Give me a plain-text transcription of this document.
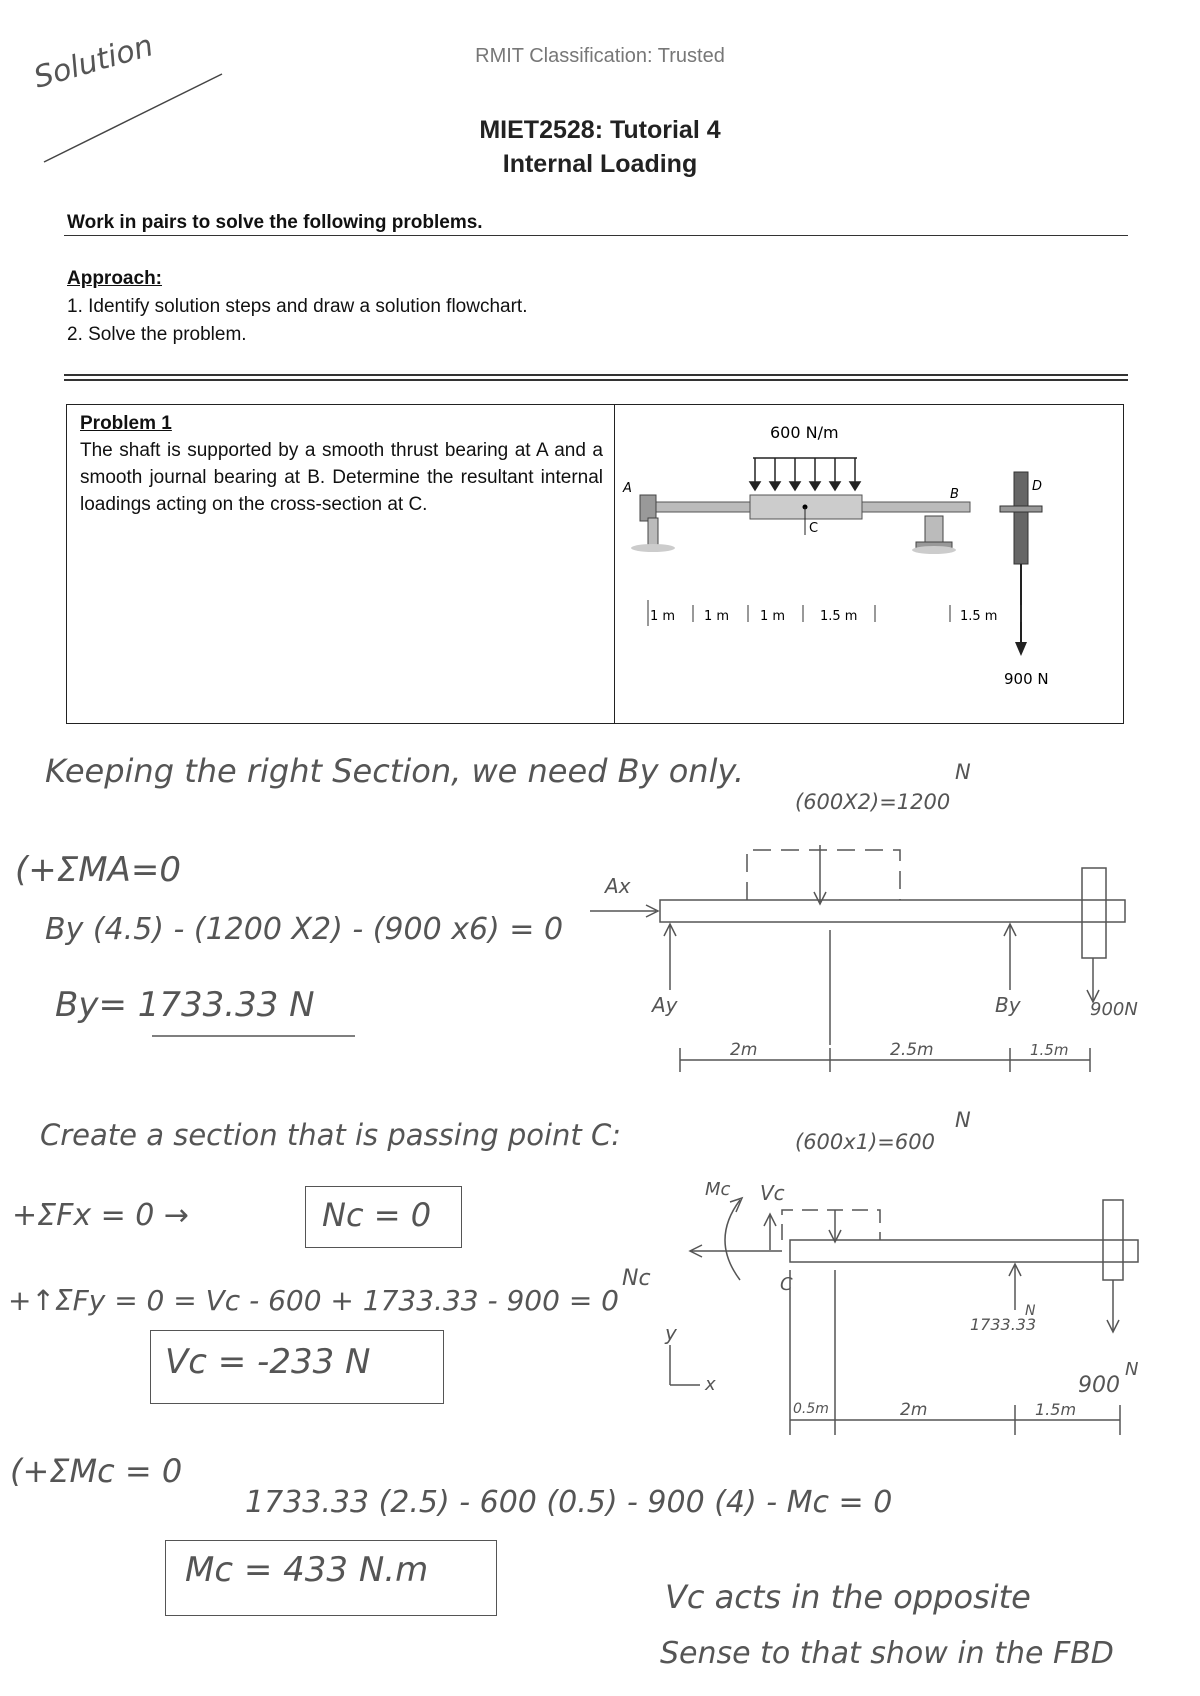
Solution	RMIT Classification: Trusted
MIET2528: Tutorial 4
Internal Loading
Work in pairs to solve the following problems.
Approach:
1. Identify solution steps and draw a solution flowchart.
2. Solve the problem.
Problem 1
The shaft is supported by a smooth thrust bearing at A and a smooth journal bearing at B. Determine the resultant internal loadings acting on the cross-section at C.
600 N/m
C
A	B
D
900 N
1 m 1 m 1 m	1.5 m	1.5 m
Keeping the right Section, we need By only.
(600X2)=1200
N
(+ΣMA=0
By (4.5) - (1200 X2) - (900 x6) = 0
By= 1733.33 N
Ax
Ay	By	900N
2m	2.5m	1.5m
Create a section that is passing point C:	(600x1)=600
N
+ΣFx = 0 →	Nc = 0
+↑ΣFy = 0 = Vc - 600 + 1733.33 - 900 = 0
Vc = -233 N
Mc Vc
Nc	C
y
x
1733.33
N
900
N
0.5m	2m	1.5m
(+ΣMc = 0
1733.33 (2.5) - 600 (0.5) - 900 (4) - Mc = 0
Mc = 433 N.m
Vc acts in the opposite
Sense to that show in the FBD
